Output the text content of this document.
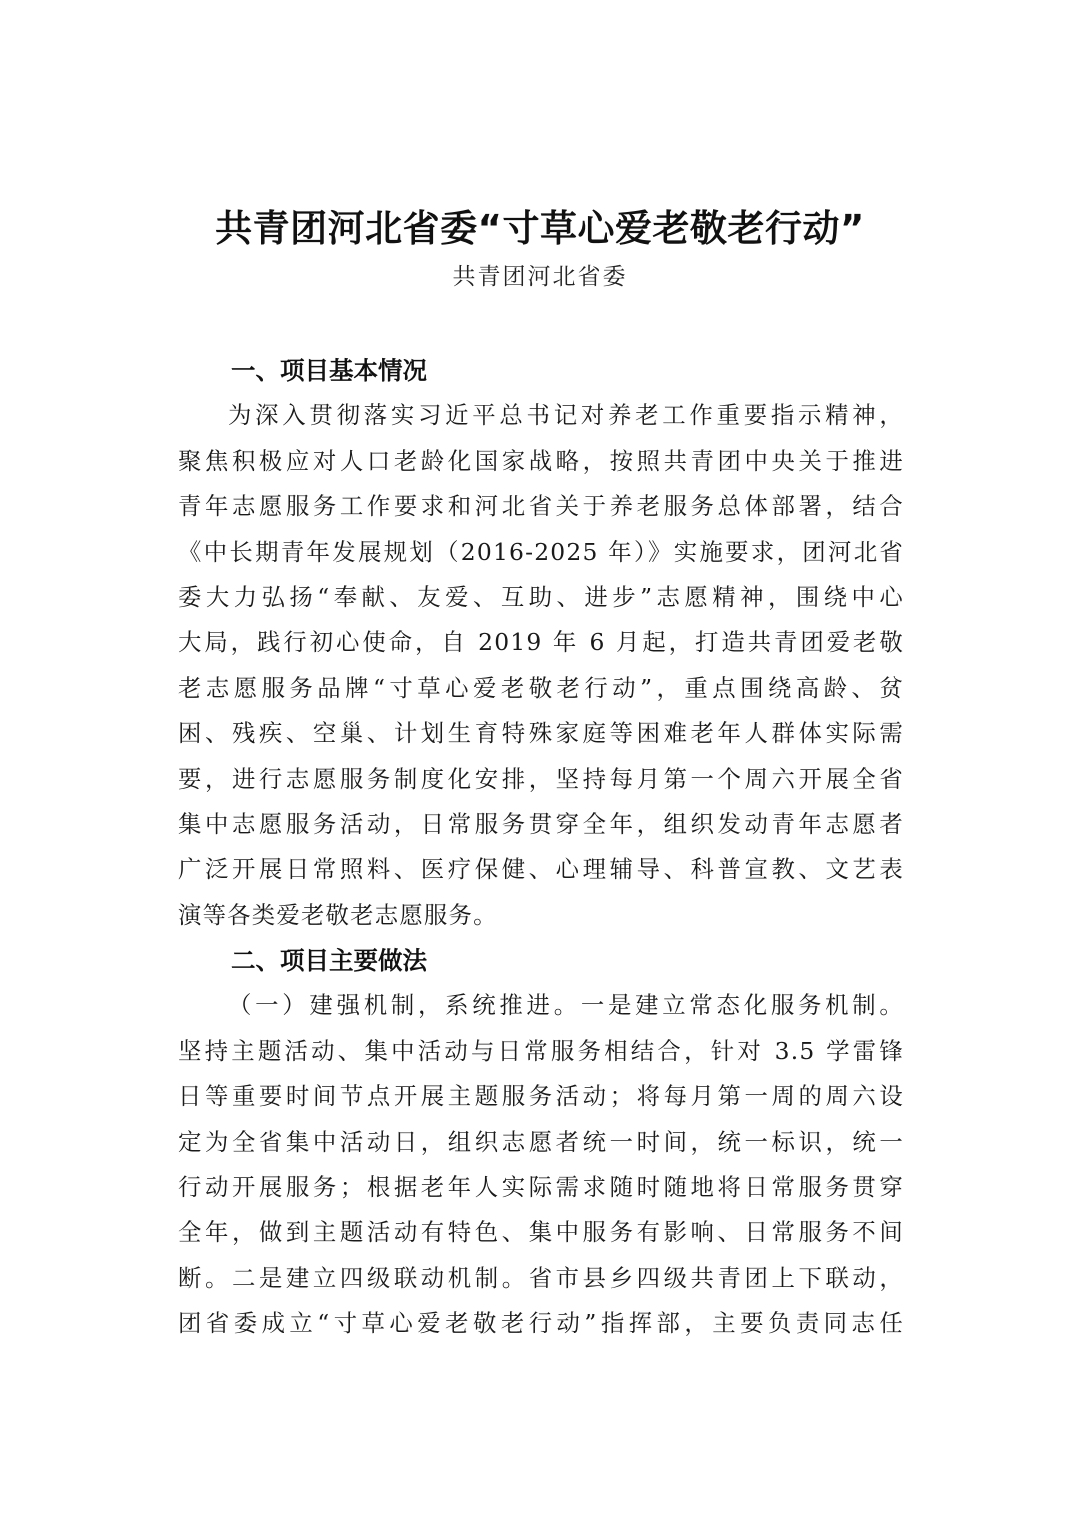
共青团河北省委“寸草心爱老敬老行动”
共青团河北省委
一、项目基本情况
为深入贯彻落实习近平总书记对养老工作重要指示精神，
聚焦积极应对人口老龄化国家战略，按照共青团中央关于推进
青年志愿服务工作要求和河北省关于养老服务总体部署，结合
《中长期青年发展规划（2016-2025 年）》实施要求，团河北省
委大力弘扬“奉献、友爱、互助、进步”志愿精神，围绕中心
大局，践行初心使命，自 2019 年 6 月起，打造共青团爱老敬
老志愿服务品牌“寸草心爱老敬老行动”，重点围绕高龄、贫
困、残疾、空巢、计划生育特殊家庭等困难老年人群体实际需
要，进行志愿服务制度化安排，坚持每月第一个周六开展全省
集中志愿服务活动，日常服务贯穿全年，组织发动青年志愿者
广泛开展日常照料、医疗保健、心理辅导、科普宣教、文艺表
演等各类爱老敬老志愿服务。
二、项目主要做法
（一）建强机制，系统推进。一是建立常态化服务机制。
坚持主题活动、集中活动与日常服务相结合，针对 3.5 学雷锋
日等重要时间节点开展主题服务活动；将每月第一周的周六设
定为全省集中活动日，组织志愿者统一时间，统一标识，统一
行动开展服务；根据老年人实际需求随时随地将日常服务贯穿
全年，做到主题活动有特色、集中服务有影响、日常服务不间
断。二是建立四级联动机制。省市县乡四级共青团上下联动，
团省委成立“寸草心爱老敬老行动”指挥部，主要负责同志任
